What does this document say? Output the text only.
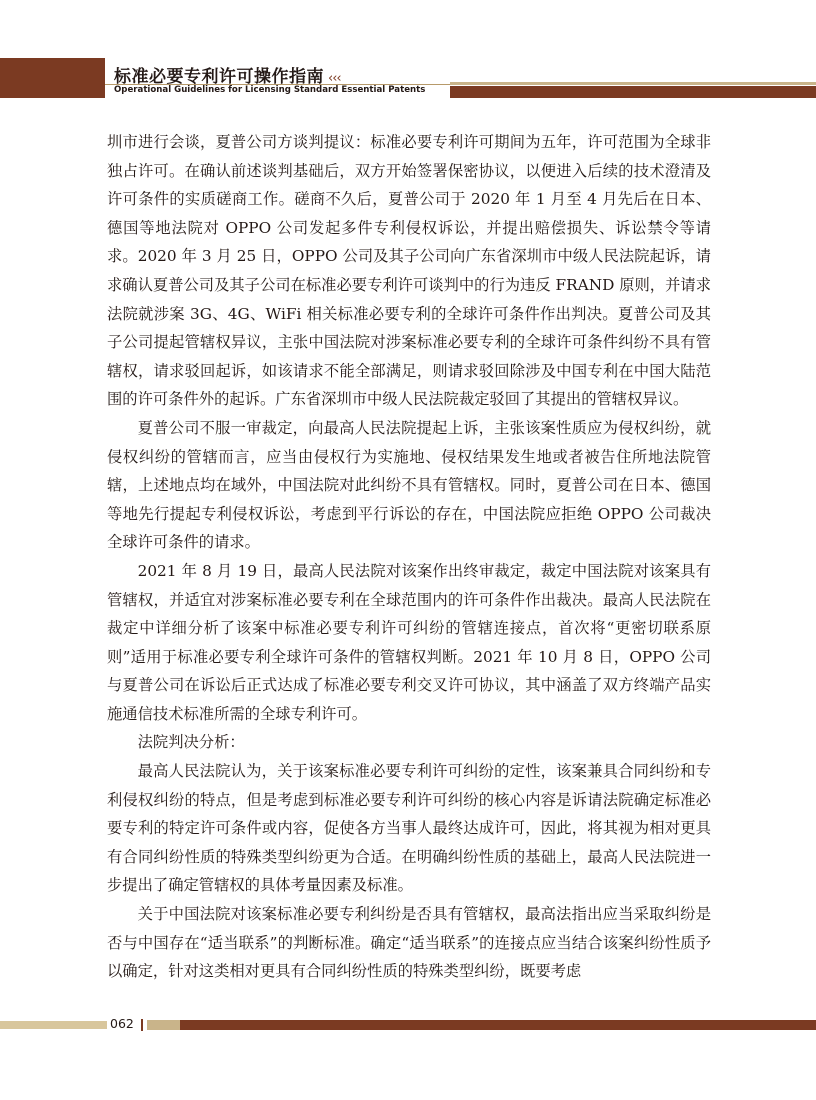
标准必要专利许可操作指南 ‹‹‹
Operational Guidelines for Licensing Standard Essential Patents

圳市进行会谈，夏普公司方谈判提议：标准必要专利许可期间为五年，许可范围为全球非独占许可。在确认前述谈判基础后，双方开始签署保密协议，以便进入后续的技术澄清及许可条件的实质磋商工作。磋商不久后，夏普公司于 2020 年 1 月至 4 月先后在日本、德国等地法院对 OPPO 公司发起多件专利侵权诉讼，并提出赔偿损失、诉讼禁令等请求。2020 年 3 月 25 日，OPPO 公司及其子公司向广东省深圳市中级人民法院起诉，请求确认夏普公司及其子公司在标准必要专利许可谈判中的行为违反 FRAND 原则，并请求法院就涉案 3G、4G、WiFi 相关标准必要专利的全球许可条件作出判决。夏普公司及其子公司提起管辖权异议，主张中国法院对涉案标准必要专利的全球许可条件纠纷不具有管辖权，请求驳回起诉，如该请求不能全部满足，则请求驳回除涉及中国专利在中国大陆范围的许可条件外的起诉。广东省深圳市中级人民法院裁定驳回了其提出的管辖权异议。

夏普公司不服一审裁定，向最高人民法院提起上诉，主张该案性质应为侵权纠纷，就侵权纠纷的管辖而言，应当由侵权行为实施地、侵权结果发生地或者被告住所地法院管辖，上述地点均在域外，中国法院对此纠纷不具有管辖权。同时，夏普公司在日本、德国等地先行提起专利侵权诉讼，考虑到平行诉讼的存在，中国法院应拒绝 OPPO 公司裁决全球许可条件的请求。

2021 年 8 月 19 日，最高人民法院对该案作出终审裁定，裁定中国法院对该案具有管辖权，并适宜对涉案标准必要专利在全球范围内的许可条件作出裁决。最高人民法院在裁定中详细分析了该案中标准必要专利许可纠纷的管辖连接点，首次将“更密切联系原则”适用于标准必要专利全球许可条件的管辖权判断。2021 年 10 月 8 日，OPPO 公司与夏普公司在诉讼后正式达成了标准必要专利交叉许可协议，其中涵盖了双方终端产品实施通信技术标准所需的全球专利许可。

法院判决分析：

最高人民法院认为，关于该案标准必要专利许可纠纷的定性，该案兼具合同纠纷和专利侵权纠纷的特点，但是考虑到标准必要专利许可纠纷的核心内容是诉请法院确定标准必要专利的特定许可条件或内容，促使各方当事人最终达成许可，因此，将其视为相对更具有合同纠纷性质的特殊类型纠纷更为合适。在明确纠纷性质的基础上，最高人民法院进一步提出了确定管辖权的具体考量因素及标准。

关于中国法院对该案标准必要专利纠纷是否具有管辖权，最高法指出应当采取纠纷是否与中国存在“适当联系”的判断标准。确定“适当联系”的连接点应当结合该案纠纷性质予以确定，针对这类相对更具有合同纠纷性质的特殊类型纠纷，既要考虑

062
